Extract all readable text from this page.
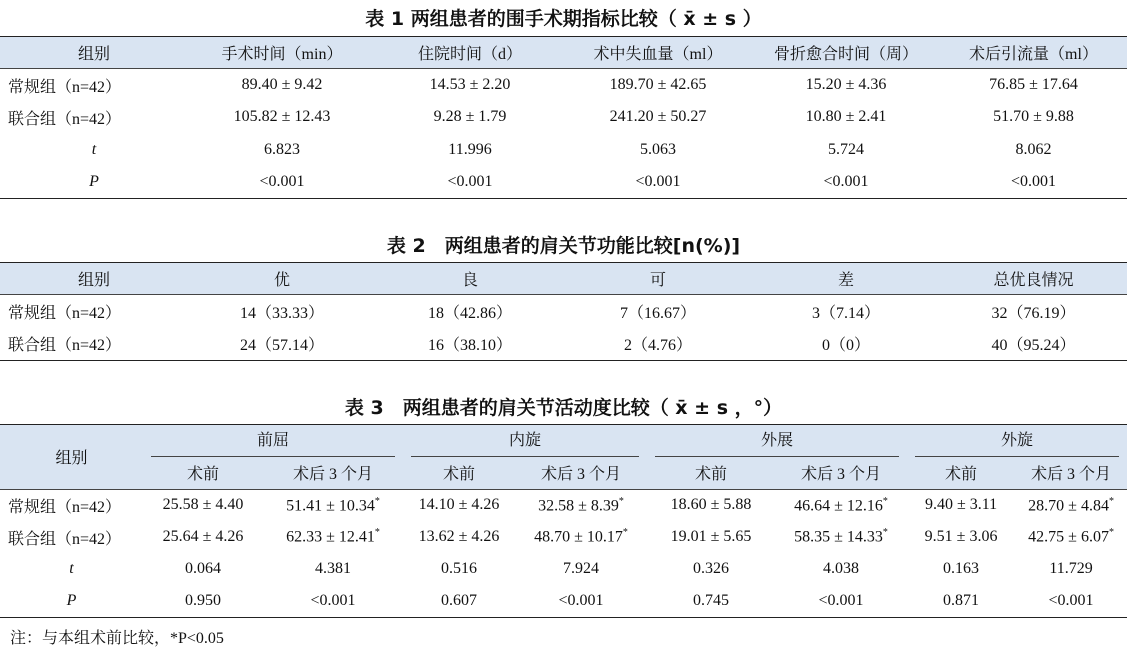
表 1 两组患者的围手术期指标比较（ x̄ ± s ）
组别	手术时间（min）	住院时间（d）	术中失血量（ml）	骨折愈合时间（周）	术后引流量（ml）
常规组（n=42）	89.40 ± 9.42	14.53 ± 2.20	189.70 ± 42.65	15.20 ± 4.36	76.85 ± 17.64
联合组（n=42）	105.82 ± 12.43	9.28 ± 1.79	241.20 ± 50.27	10.80 ± 2.41	51.70 ± 9.88
t	6.823	11.996	5.063	5.724	8.062
P	<0.001	<0.001	<0.001	<0.001	<0.001
表 2　两组患者的肩关节功能比较[n(%)]
组别	优	良	可	差	总优良情况
常规组（n=42）	14（33.33）	18（42.86）	7（16.67）	3（7.14）	32（76.19）
联合组（n=42）	24（57.14）	16（38.10）	2（4.76）	0（0）	40（95.24）
表 3　两组患者的肩关节活动度比较（ x̄ ± s ，°）
组别	前屈		内旋		外展		外旋	

	术前	术后 3 个月	术前	术后 3 个月	术前	术后 3 个月	术前	术后 3 个月
常规组（n=42）	25.58 ± 4.40	51.41 ± 10.34*	14.10 ± 4.26	32.58 ± 8.39*	18.60 ± 5.88	46.64 ± 12.16*	9.40 ± 3.11	28.70 ± 4.84*
联合组（n=42）	25.64 ± 4.26	62.33 ± 12.41*	13.62 ± 4.26	48.70 ± 10.17*	19.01 ± 5.65	58.35 ± 14.33*	9.51 ± 3.06	42.75 ± 6.07*
t	0.064	4.381	0.516	7.924	0.326	4.038	0.163	11.729
P	0.950	<0.001	0.607	<0.001	0.745	<0.001	0.871	<0.001
注：与本组术前比较，*P<0.05
